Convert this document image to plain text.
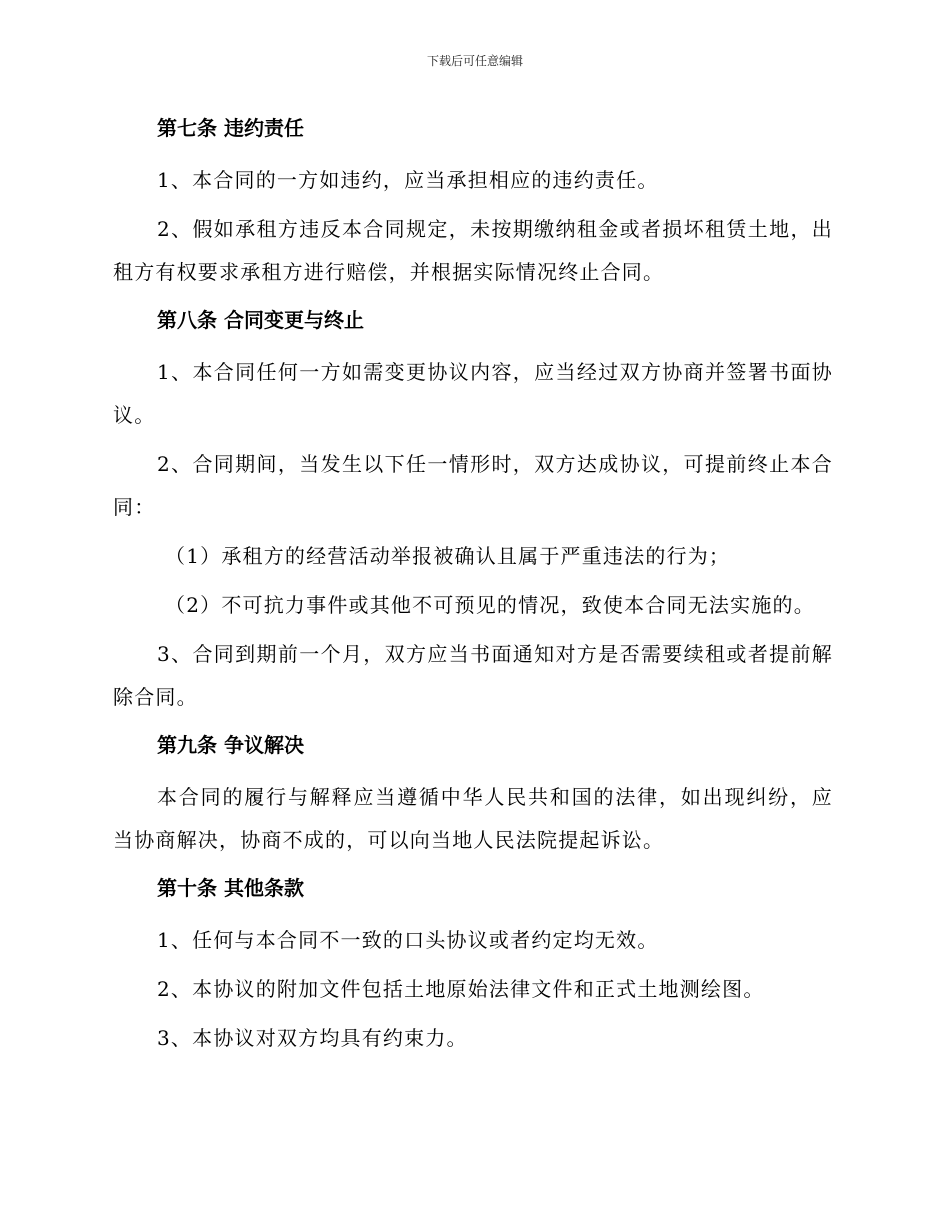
下载后可任意编辑

第七条 违约责任

1、本合同的一方如违约，应当承担相应的违约责任。

2、假如承租方违反本合同规定，未按期缴纳租金或者损坏租赁土地，出租方有权要求承租方进行赔偿，并根据实际情况终止合同。

第八条 合同变更与终止

1、本合同任何一方如需变更协议内容，应当经过双方协商并签署书面协议。

2、合同期间，当发生以下任一情形时，双方达成协议，可提前终止本合同：

（1）承租方的经营活动举报被确认且属于严重违法的行为；

（2）不可抗力事件或其他不可预见的情况，致使本合同无法实施的。

3、合同到期前一个月，双方应当书面通知对方是否需要续租或者提前解除合同。

第九条 争议解决

本合同的履行与解释应当遵循中华人民共和国的法律，如出现纠纷，应当协商解决，协商不成的，可以向当地人民法院提起诉讼。

第十条 其他条款

1、任何与本合同不一致的口头协议或者约定均无效。

2、本协议的附加文件包括土地原始法律文件和正式土地测绘图。

3、本协议对双方均具有约束力。
